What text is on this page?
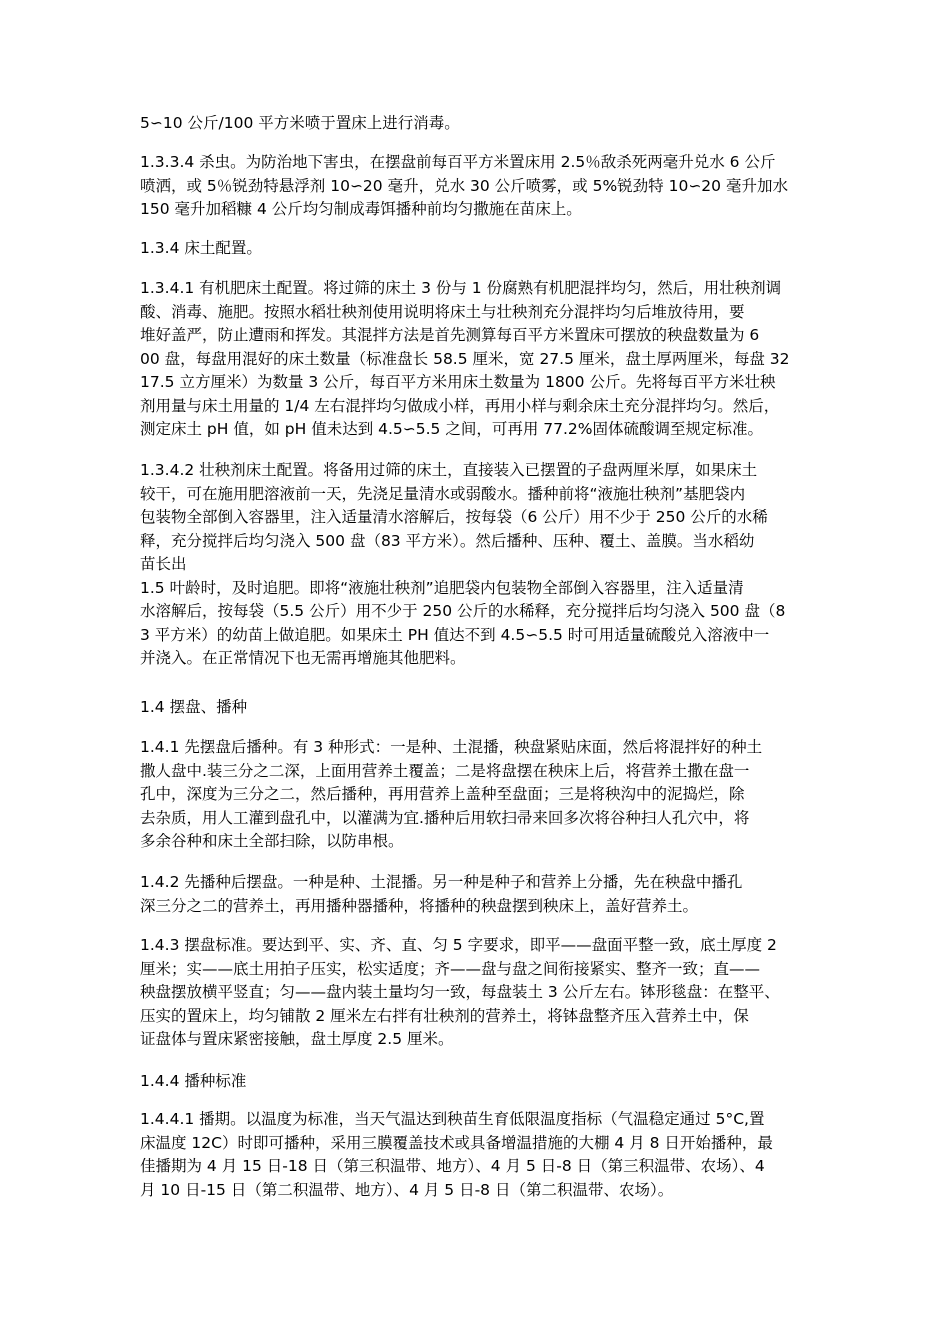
5∽10 公斤/100 平方米喷于置床上进行消毒。
1.3.3.4 杀虫。为防治地下害虫，在摆盘前每百平方米置床用 2.5％敌杀死两毫升兑水 6 公斤
喷洒，或 5％锐劲特悬浮剂 10∽20 毫升，兑水 30 公斤喷雾，或 5%锐劲特 10∽20 毫升加水
150 毫升加稻糠 4 公斤均匀制成毒饵播种前均匀撒施在苗床上。
1.3.4 床土配置。
1.3.4.1 有机肥床土配置。将过筛的床土 3 份与 1 份腐熟有机肥混拌均匀，然后，用壮秧剂调
酸、消毒、施肥。按照水稻壮秧剂使用说明将床土与壮秧剂充分混拌均匀后堆放待用，要
堆好盖严，防止遭雨和挥发。其混拌方法是首先测算每百平方米置床可摆放的秧盘数量为 6
00 盘，每盘用混好的床土数量（标准盘长 58.5 厘米，宽 27.5 厘米，盘土厚两厘米，每盘 32
17.5 立方厘米）为数量 3 公斤，每百平方米用床土数量为 1800 公斤。先将每百平方米壮秧
剂用量与床土用量的 1/4 左右混拌均匀做成小样，再用小样与剩余床土充分混拌均匀。然后，
测定床土 pH 值，如 pH 值未达到 4.5∽5.5 之间，可再用 77.2%固体硫酸调至规定标准。
1.3.4.2 壮秧剂床土配置。将备用过筛的床土，直接装入已摆置的子盘两厘米厚，如果床土
较干，可在施用肥溶液前一天，先浇足量清水或弱酸水。播种前将“液施壮秧剂”基肥袋内
包装物全部倒入容器里，注入适量清水溶解后，按每袋（6 公斤）用不少于 250 公斤的水稀
释，充分搅拌后均匀浇入 500 盘（83 平方米）。然后播种、压种、覆土、盖膜。当水稻幼
苗长出
1.5 叶龄时，及时追肥。即将“液施壮秧剂”追肥袋内包装物全部倒入容器里，注入适量清
水溶解后，按每袋（5.5 公斤）用不少于 250 公斤的水稀释，充分搅拌后均匀浇入 500 盘（8
3 平方米）的幼苗上做追肥。如果床土 PH 值达不到 4.5∽5.5 时可用适量硫酸兑入溶液中一
并浇入。在正常情况下也无需再增施其他肥料。
1.4 摆盘、播种
1.4.1 先摆盘后播种。有 3 种形式：一是种、土混播，秧盘紧贴床面，然后将混拌好的种土
撒人盘中.装三分之二深，上面用营养土覆盖；二是将盘摆在秧床上后，将营养土撒在盘一
孔中，深度为三分之二，然后播种，再用营养上盖种至盘面；三是将秧沟中的泥捣烂，除
去杂质，用人工灌到盘孔中，以灌满为宜.播种后用软扫帚来回多次将谷种扫人孔穴中，将
多余谷种和床土全部扫除，以防串根。
1.4.2 先播种后摆盘。一种是种、土混播。另一种是种子和营养上分播，先在秧盘中播孔
深三分之二的营养土，再用播种器播种，将播种的秧盘摆到秧床上，盖好营养土。
1.4.3 摆盘标准。要达到平、实、齐、直、匀 5 字要求，即平——盘面平整一致，底土厚度 2
厘米；实——底土用拍子压实，松实适度；齐——盘与盘之间衔接紧实、整齐一致；直——
秧盘摆放横平竖直；匀——盘内装土量均匀一致，每盘装土 3 公斤左右。钵形毯盘：在整平、
压实的置床上，均匀铺散 2 厘米左右拌有壮秧剂的营养土，将钵盘整齐压入营养土中，保
证盘体与置床紧密接触，盘土厚度 2.5 厘米。
1.4.4 播种标准
1.4.4.1 播期。以温度为标准，当天气温达到秧苗生育低限温度指标（气温稳定通过 5°C,置
床温度 12C）时即可播种，采用三膜覆盖技术或具备增温措施的大棚 4 月 8 日开始播种，最
佳播期为 4 月 15 日-18 日（第三积温带、地方）、4 月 5 日-8 日（第三积温带、农场）、4
月 10 日-15 日（第二积温带、地方）、4 月 5 日-8 日（第二积温带、农场）。
